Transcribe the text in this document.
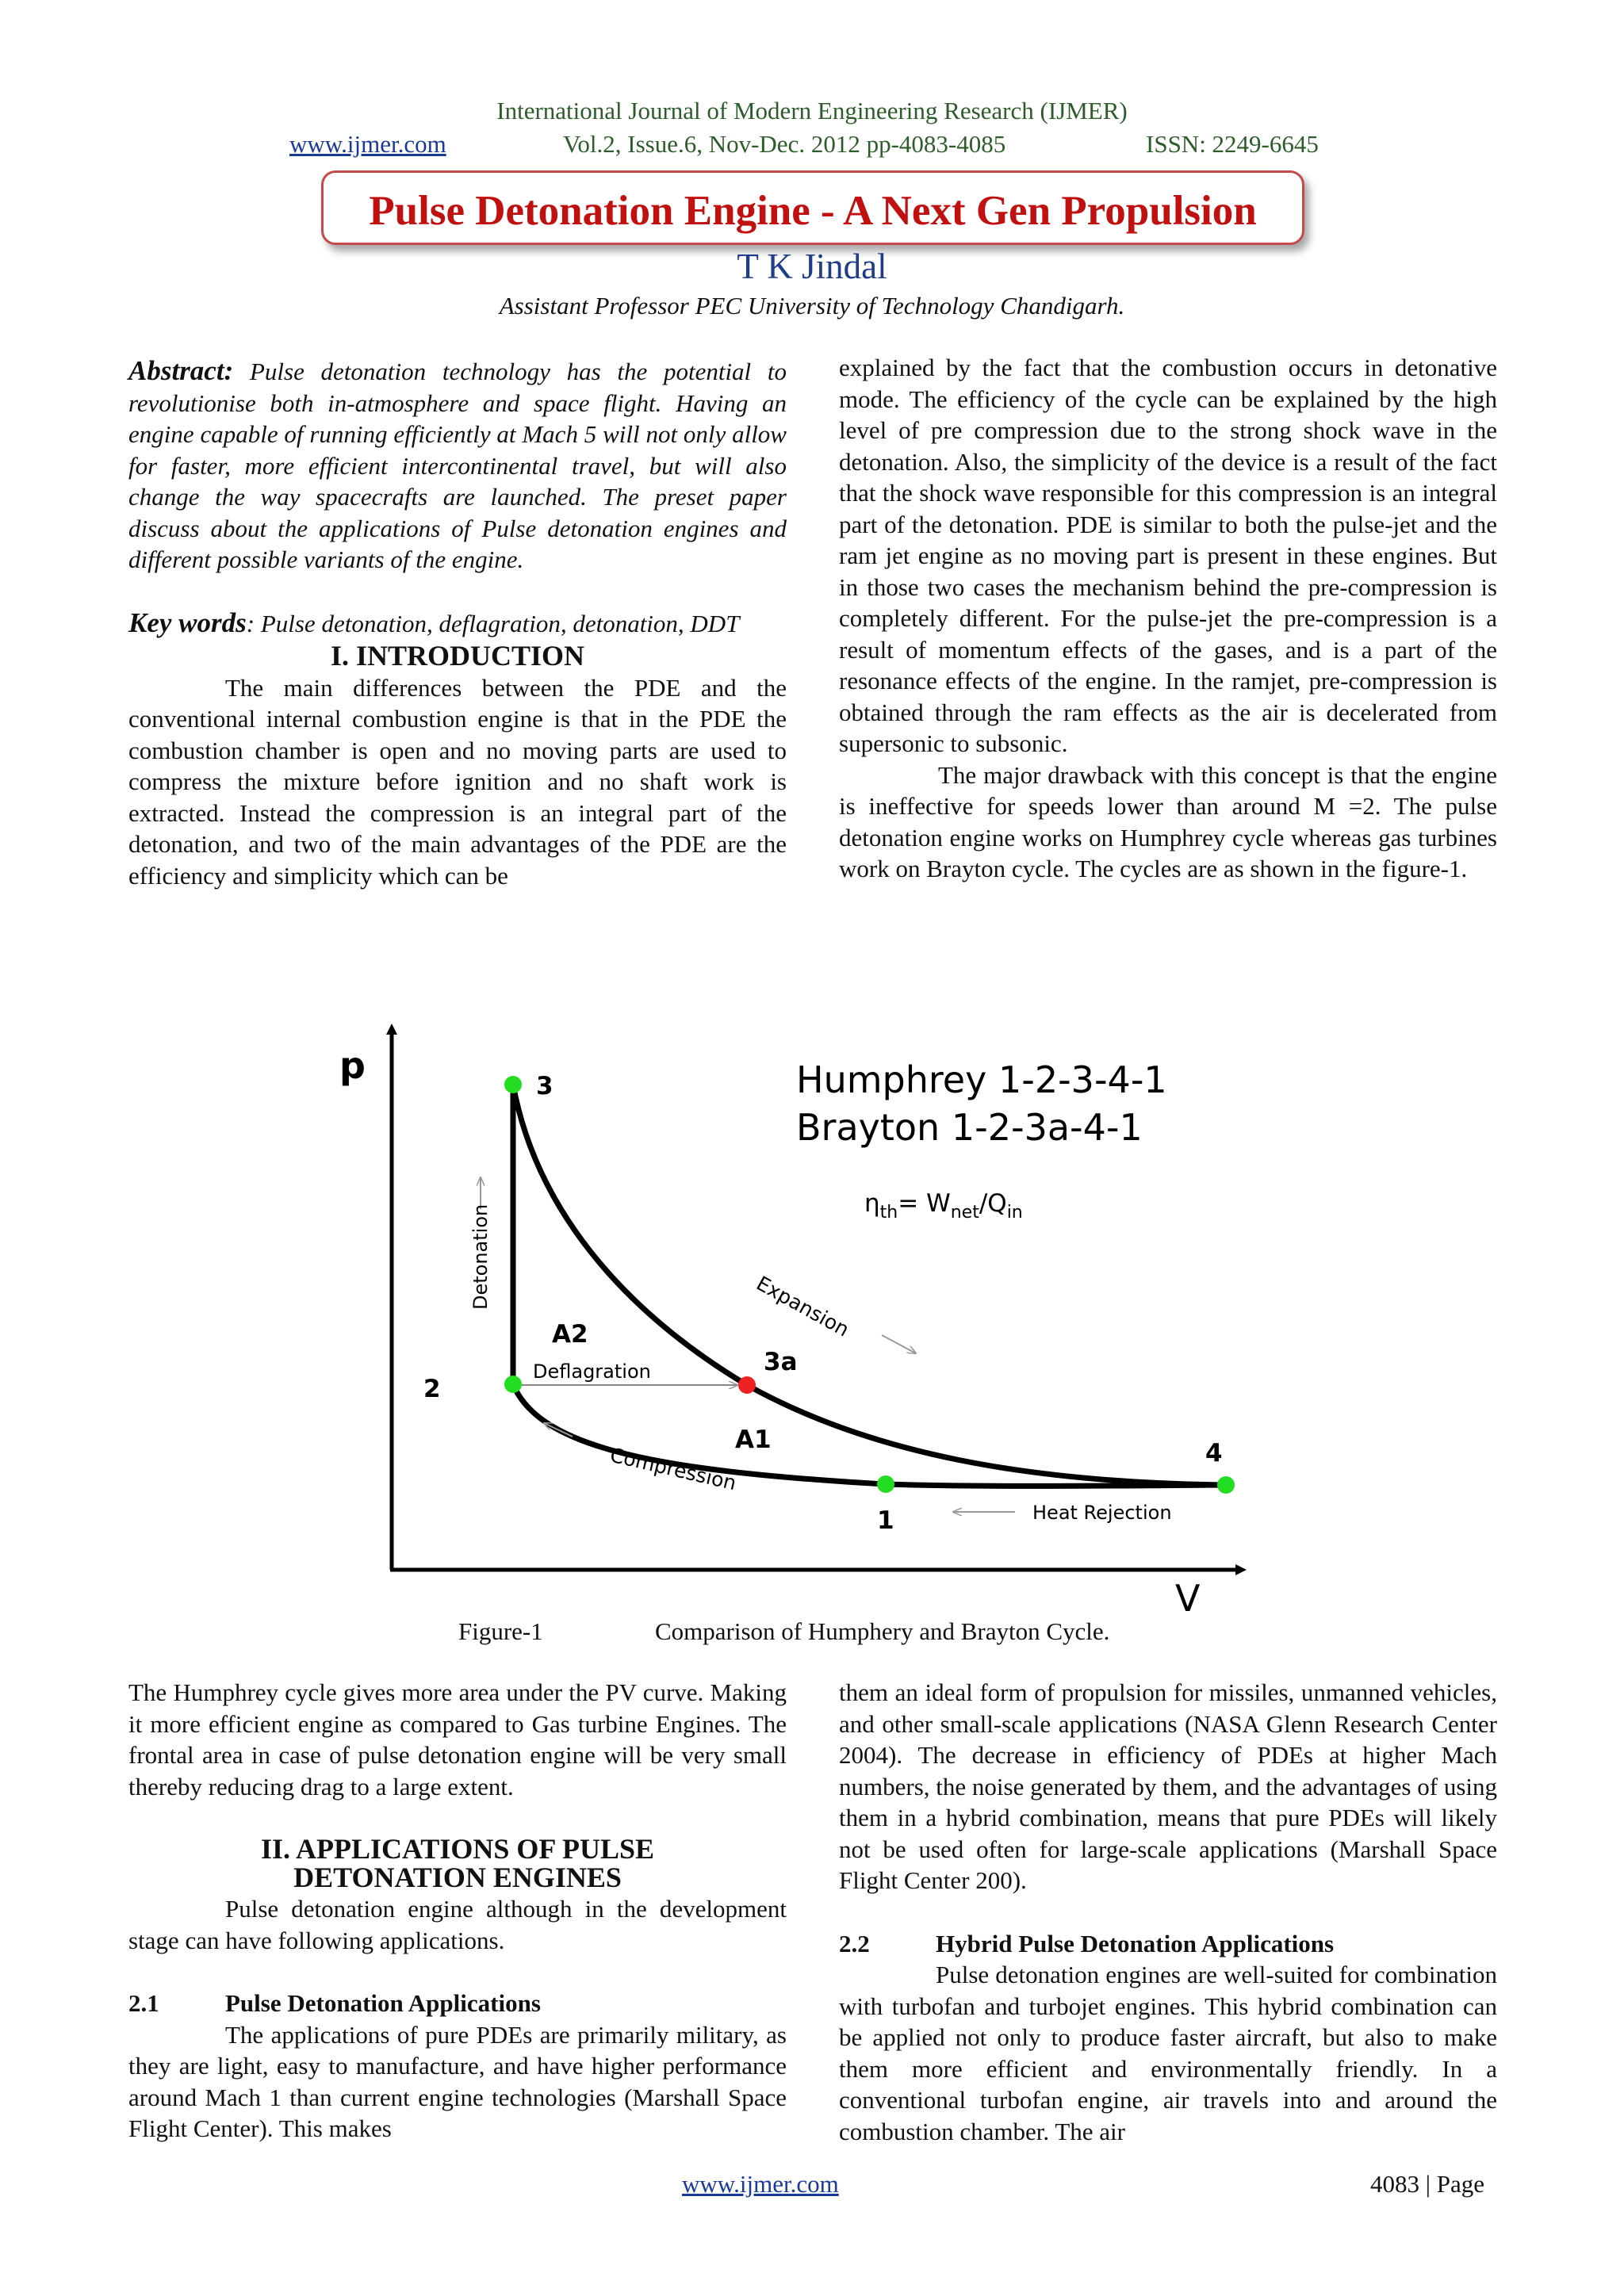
International Journal of Modern Engineering Research (IJMER)
www.ijmer.com	Vol.2, Issue.6, Nov-Dec. 2012 pp-4083-4085	ISSN: 2249-6645
Pulse Detonation Engine - A Next Gen Propulsion
T K Jindal
Assistant Professor PEC University of Technology Chandigarh.

Abstract: Pulse detonation technology has the potential to revolutionise both in-atmosphere and space flight. Having an engine capable of running efficiently at Mach 5 will not only allow for faster, more efficient intercontinental travel, but will also change the way spacecrafts are launched. The preset paper discuss about the applications of Pulse detonation engines and different possible variants of the engine.

Key words: Pulse detonation, deflagration, detonation, DDT

I. INTRODUCTION

The main differences between the PDE and the conventional internal combustion engine is that in the PDE the combustion chamber is open and no moving parts are used to compress the mixture before ignition and no shaft work is extracted. Instead the compression is an integral part of the detonation, and two of the main advantages of the PDE are the efficiency and simplicity which can be

explained by the fact that the combustion occurs in detonative mode. The efficiency of the cycle can be explained by the high level of pre compression due to the strong shock wave in the detonation. Also, the simplicity of the device is a result of the fact that the shock wave responsible for this compression is an integral part of the detonation. PDE is similar to both the pulse-jet and the ram jet engine as no moving part is present in these engines. But in those two cases the mechanism behind the pre-compression is completely different. For the pulse-jet the pre-compression is a result of momentum effects of the gases, and is a part of the resonance effects of the engine. In the ramjet, pre-compression is obtained through the ram effects as the air is decelerated from supersonic to subsonic.

The major drawback with this concept is that the engine is ineffective for speeds lower than around M =2. The pulse detonation engine works on Humphrey cycle whereas gas turbines work on Brayton cycle. The cycles are as shown in the figure-1.

p
V
Humphrey 1-2-3-4-1
Brayton 1-2-3a-4-1
$\eta_{th}= W_{net}/Q_{in}$
Detonation
Deflagration
Expansion
Compression
Heat Rejection
A2
A1
3
2
3a
1
4
Figure-1	Comparison of Humphery and Brayton Cycle.

The Humphrey cycle gives more area under the PV curve. Making it more efficient engine as compared to Gas turbine Engines. The frontal area in case of pulse detonation engine will be very small thereby reducing drag to a large extent.

II. APPLICATIONS OF PULSE

DETONATION ENGINES

Pulse detonation engine although in the development stage can have following applications.

2.1	Pulse Detonation Applications

The applications of pure PDEs are primarily military, as they are light, easy to manufacture, and have higher performance around Mach 1 than current engine technologies (Marshall Space Flight Center). This makes

them an ideal form of propulsion for missiles, unmanned vehicles, and other small-scale applications (NASA Glenn Research Center 2004). The decrease in efficiency of PDEs at higher Mach numbers, the noise generated by them, and the advantages of using them in a hybrid combination, means that pure PDEs will likely not be used often for large-scale applications (Marshall Space Flight Center 200).

2.2	Hybrid Pulse Detonation Applications

Pulse detonation engines are well-suited for combination with turbofan and turbojet engines. This hybrid combination can be applied not only to produce faster aircraft, but also to make them more efficient and environmentally friendly. In a conventional turbofan engine, air travels into and around the combustion chamber. The air

www.ijmer.com	4083 | Page
